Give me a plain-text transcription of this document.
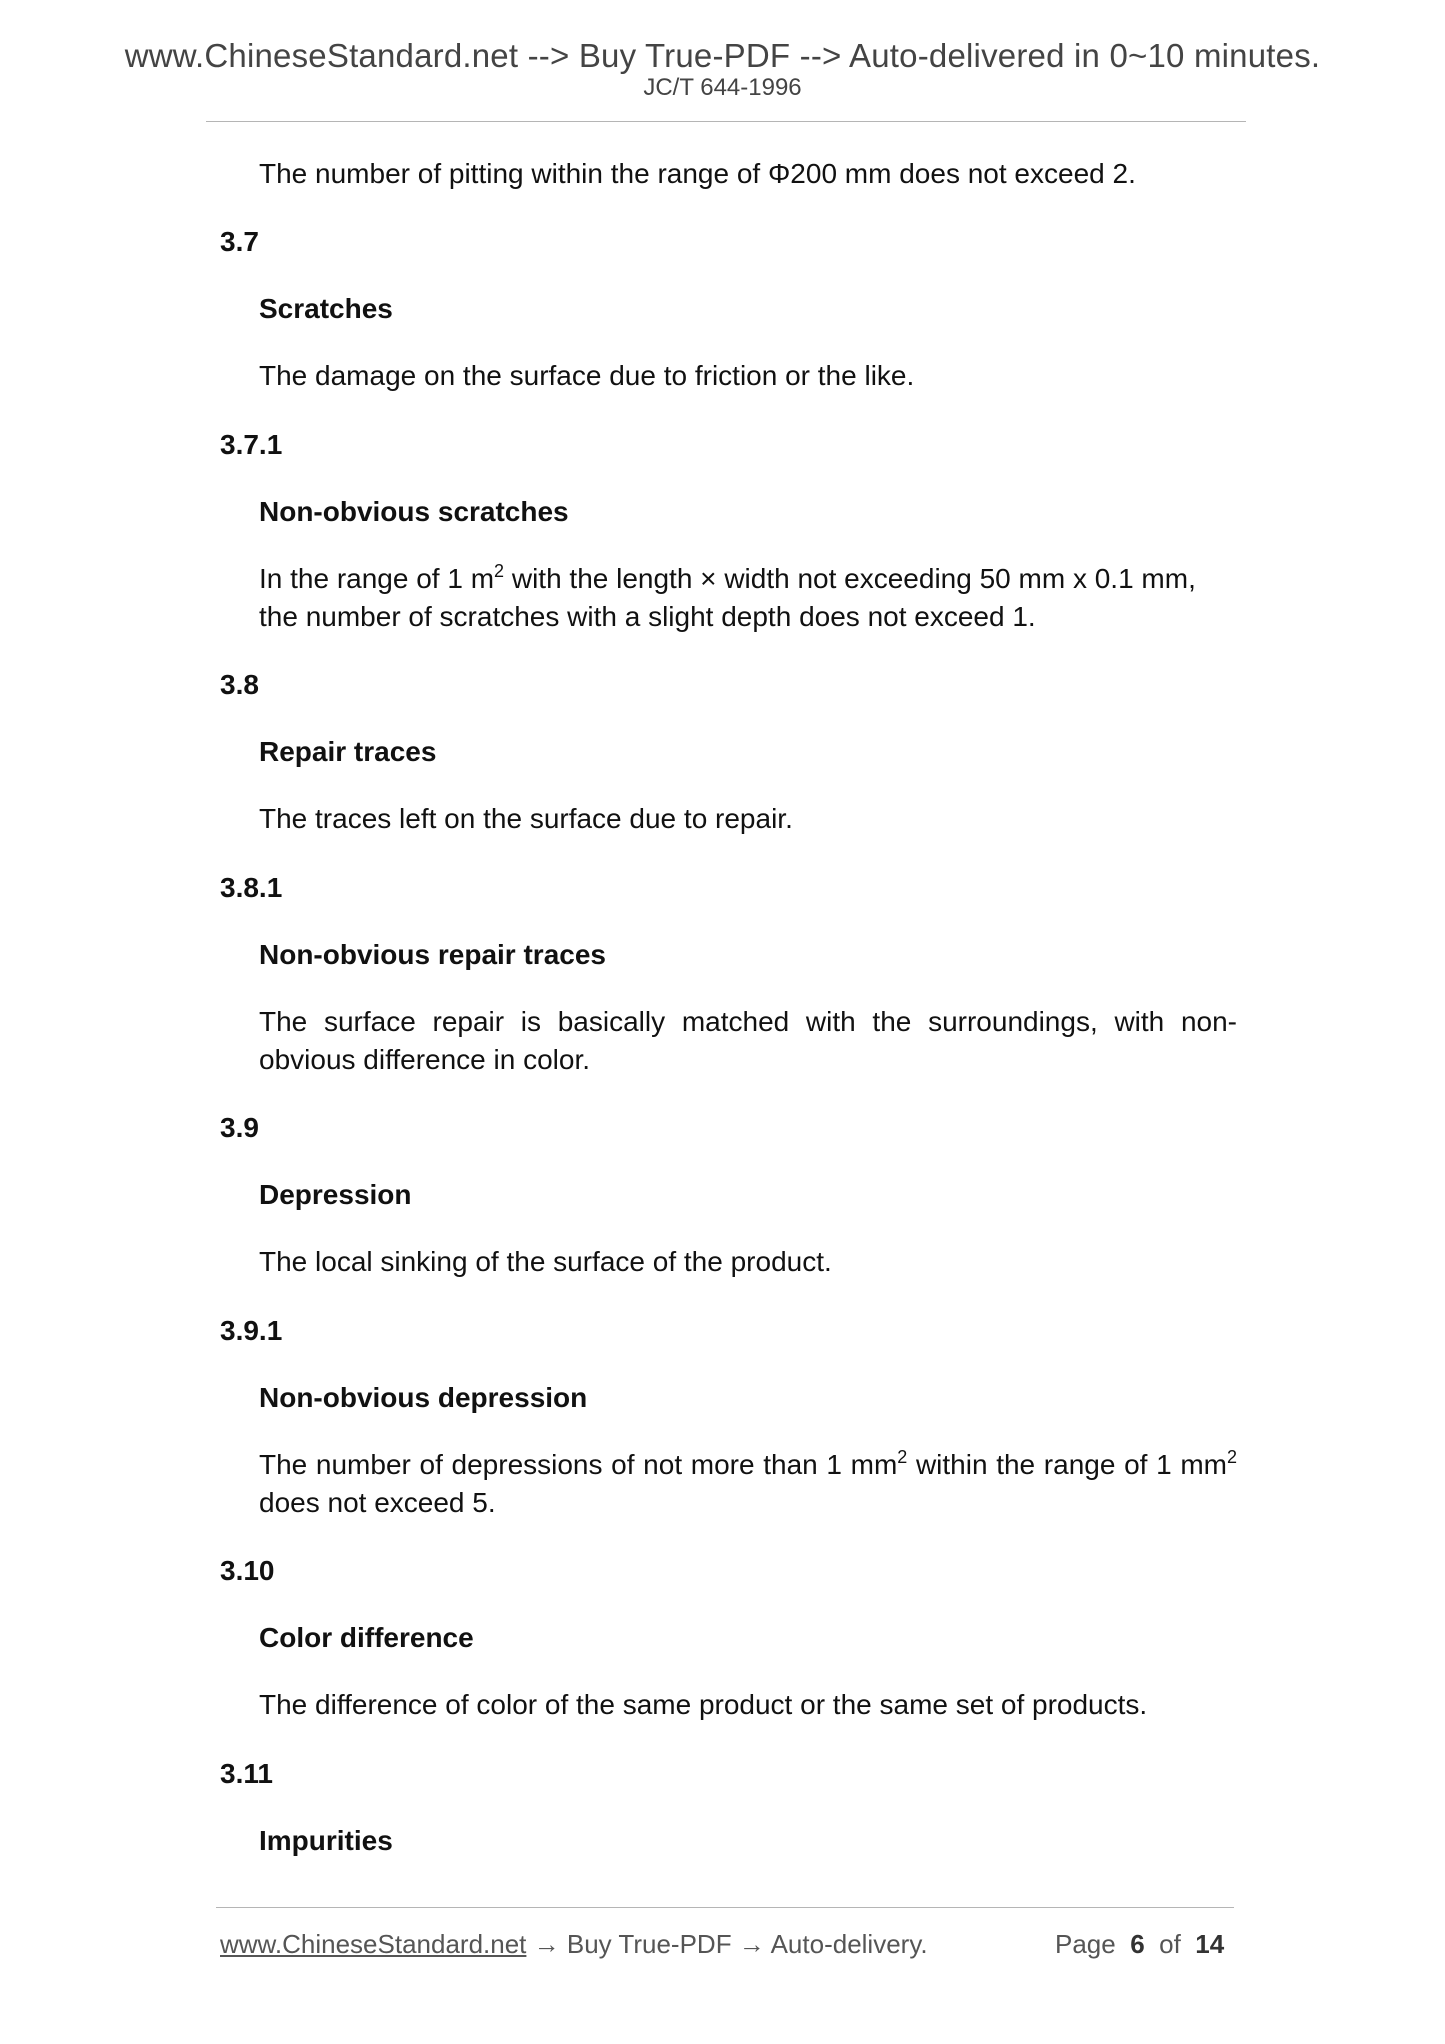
www.ChineseStandard.net --> Buy True-PDF --> Auto-delivered in 0~10 minutes.
JC/T 644-1996
The number of pitting within the range of Φ200 mm does not exceed 2.
3.7
Scratches
The damage on the surface due to friction or the like.
3.7.1
Non-obvious scratches
In the range of 1 $m^2$ with the length × width not exceeding 50 mm x 0.1 mm, the number of scratches with a slight depth does not exceed 1.
3.8
Repair traces
The traces left on the surface due to repair.
3.8.1
Non-obvious repair traces
The surface repair is basically matched with the surroundings, with non-obvious difference in color.
3.9
Depression
The local sinking of the surface of the product.
3.9.1
Non-obvious depression
The number of depressions of not more than 1 $mm^2$ within the range of 1 $mm^2$ does not exceed 5.
3.10
Color difference
The difference of color of the same product or the same set of products.
3.11
Impurities
www.ChineseStandard.net → Buy True-PDF → Auto-delivery.	Page 6 of 14
